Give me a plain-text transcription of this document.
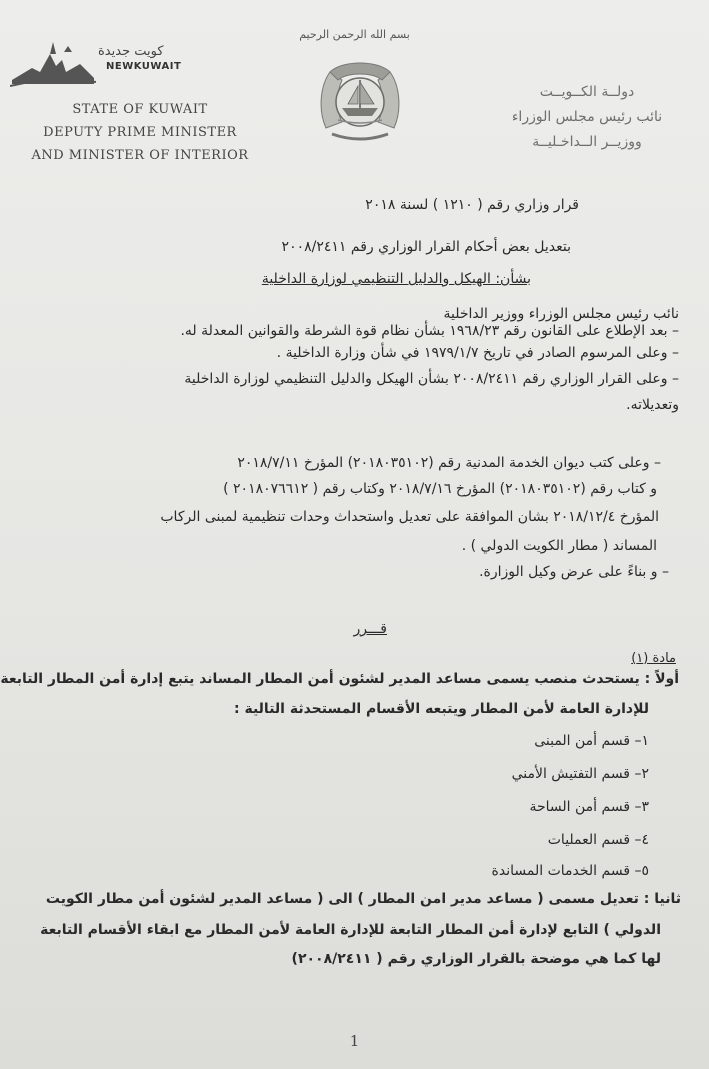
بسم الله الرحمن الرحيم
كويت جديدة
NEWKUWAIT
STATE OF KUWAIT
DEPUTY PRIME MINISTER
AND MINISTER OF INTERIOR
دولــة الكــويــت
نائب رئيس مجلس الوزراء
ووزيــر الــداخـليــة
قرار وزاري رقم ( ١٢١٠ ) لسنة ٢٠١٨
بتعديل بعض أحكام القرار الوزاري رقم ٢٠٠٨/٢٤١١
بشأن: الهيكل والدليل التنظيمي لوزارة الداخلية
نائب رئيس مجلس الوزراء ووزير الداخلية
– بعد الإطلاع على القانون رقم ١٩٦٨/٢٣ بشأن نظام قوة الشرطة والقوانين المعدلة له.
– وعلى المرسوم الصادر في تاريخ ١٩٧٩/١/٧ في شأن وزارة الداخلية .
– وعلى القرار الوزاري رقم ٢٠٠٨/٢٤١١ بشأن الهيكل والدليل التنظيمي لوزارة الداخلية
وتعديلاته.
– وعلى كتب ديوان الخدمة المدنية رقم (٢٠١٨٠٣٥١٠٢) المؤرخ ٢٠١٨/٧/١١
و كتاب رقم (٢٠١٨٠٣٥١٠٢) المؤرخ ٢٠١٨/٧/١٦ وكتاب رقم ( ٢٠١٨٠٧٦٦١٢ )
المؤرخ ٢٠١٨/١٢/٤ بشان الموافقة على تعديل واستحداث وحدات تنظيمية لمبنى الركاب
المساند ( مطار الكويت الدولي ) .
– و بناءً على عرض وكيل الوزارة.
قـــرر
مادة (١)
أولاً : يستحدث منصب يسمى مساعد المدير لشئون أمن المطار المساند يتبع إدارة أمن المطار التابعة
للإدارة العامة لأمن المطار ويتبعه الأقسام المستحدثة التالية :
١– قسم أمن المبنى
٢– قسم التفتيش الأمني
٣– قسم أمن الساحة
٤– قسم العمليات
٥– قسم الخدمات المساندة
ثانيا : تعديل مسمى ( مساعد مدير امن المطار ) الى ( مساعد المدير لشئون أمن مطار الكويت
الدولي ) التابع لإدارة أمن المطار التابعة للإدارة العامة لأمن المطار مع ابقاء الأقسام التابعة
لها كما هي موضحة بالقرار الوزاري رقم ( ٢٠٠٨/٢٤١١)
1
